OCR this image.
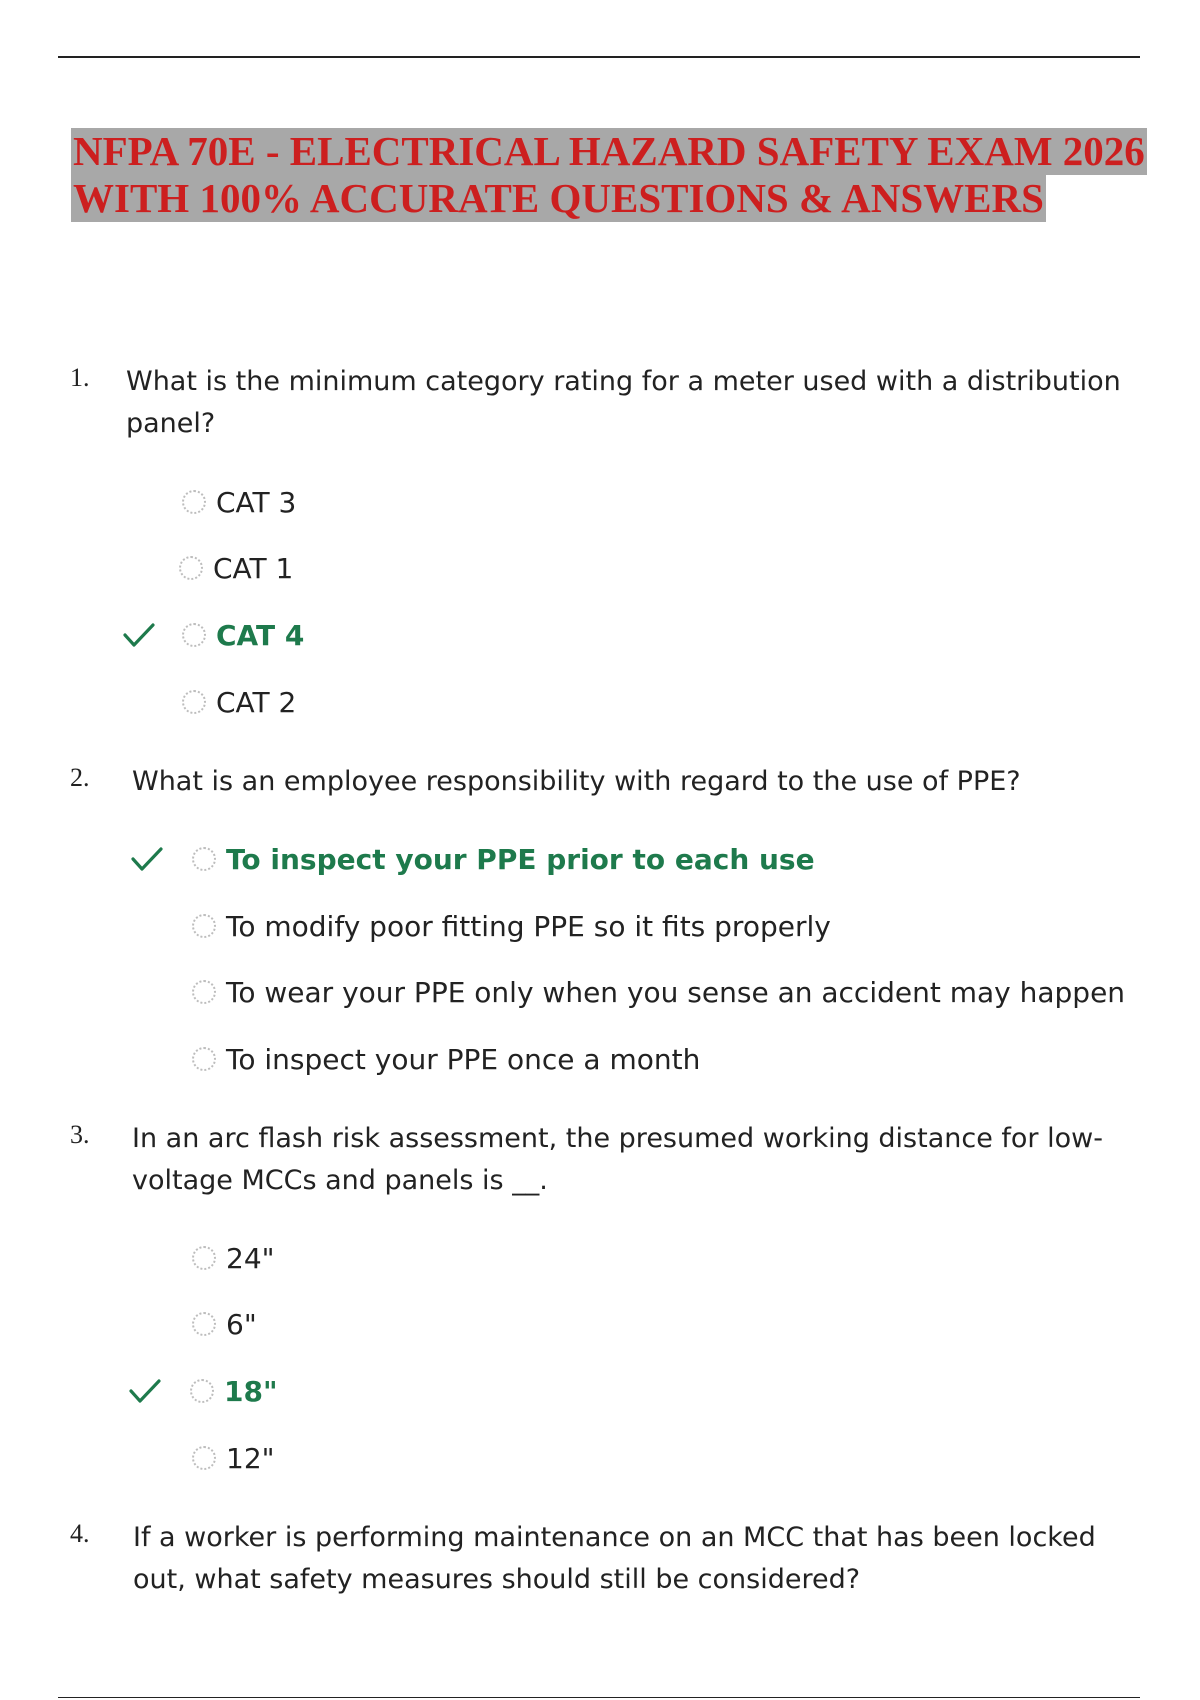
NFPA 70E - ELECTRICAL HAZARD SAFETY EXAM 2026
WITH 100% ACCURATE QUESTIONS & ANSWERS
1. What is the minimum category rating for a meter used with a distribution panel?
CAT 3
CAT 1
CAT 4
CAT 2
2. What is an employee responsibility with regard to the use of PPE?
To inspect your PPE prior to each use
To modify poor fitting PPE so it fits properly
To wear your PPE only when you sense an accident may happen
To inspect your PPE once a month
3. In an arc flash risk assessment, the presumed working distance for low-voltage MCCs and panels is __.
24"
6"
18"
12"
4. If a worker is performing maintenance on an MCC that has been locked out, what safety measures should still be considered?
